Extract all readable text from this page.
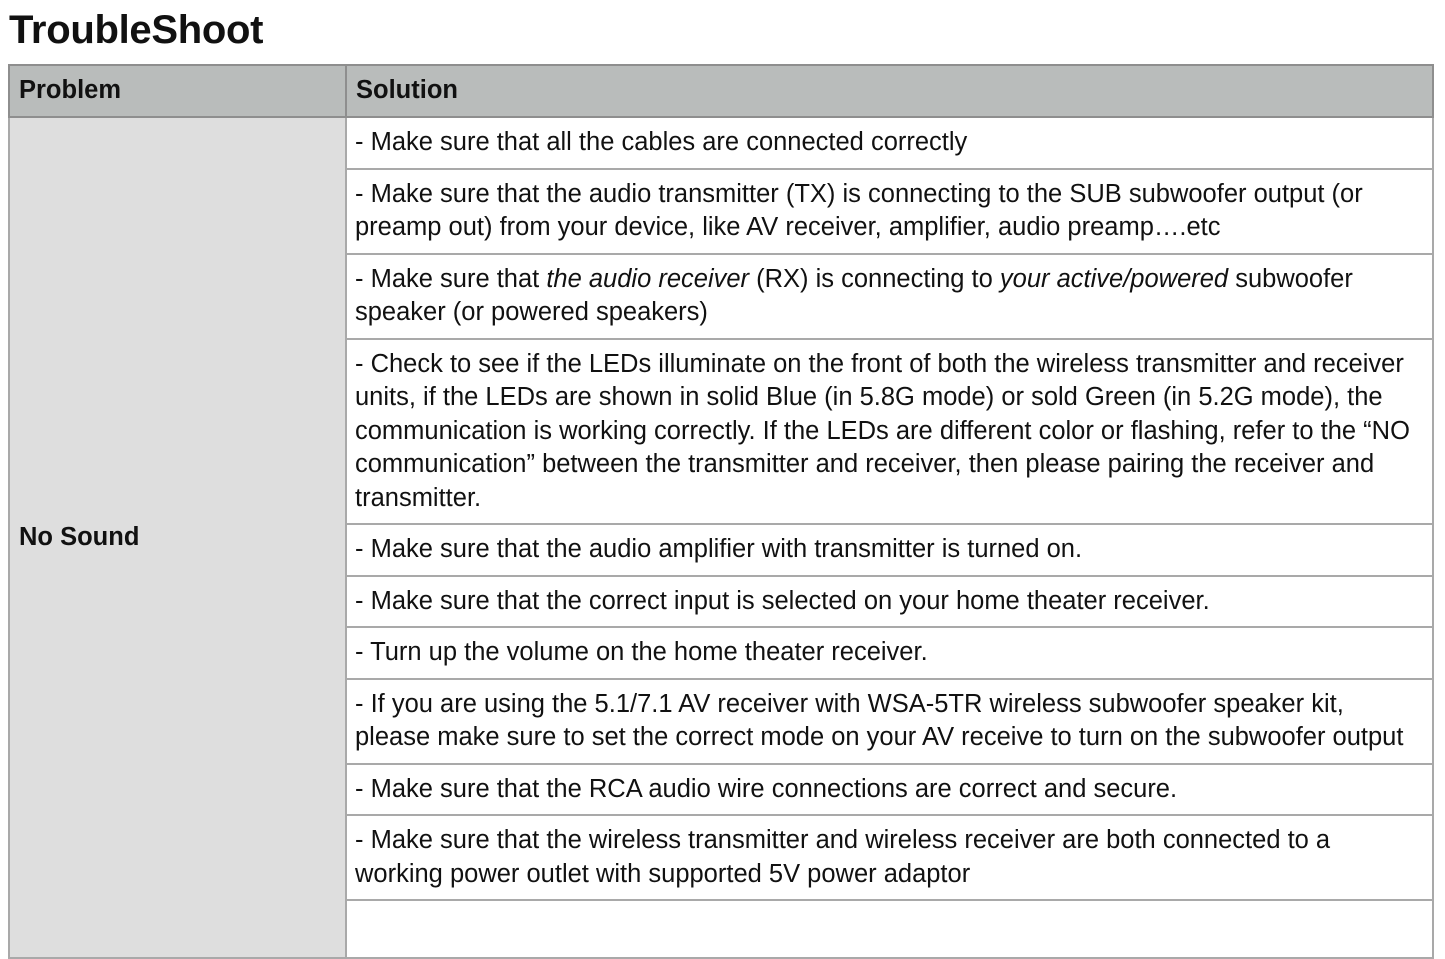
TroubleShoot
Problem	Solution
No Sound	- Make sure that all the cables are connected correctly
	- Make sure that the audio transmitter (TX) is connecting to the SUB subwoofer output (or preamp out) from your device, like AV receiver, amplifier, audio preamp….etc
	- Make sure that the audio receiver (RX) is connecting to your active/powered subwoofer speaker (or powered speakers)
	- Check to see if the LEDs illuminate on the front of both the wireless transmitter and receiver units, if the LEDs are shown in solid Blue (in 5.8G mode) or sold Green (in 5.2G mode), the communication is working correctly. If the LEDs are different color or flashing, refer to the “NO communication” between the transmitter and receiver, then please pairing the receiver and transmitter.
	- Make sure that the audio amplifier with transmitter is turned on.
	- Make sure that the correct input is selected on your home theater receiver.
	- Turn up the volume on the home theater receiver.
	- If you are using the 5.1/7.1 AV receiver with WSA-5TR wireless subwoofer speaker kit, please make sure to set the correct mode on your AV receive to turn on the subwoofer output
	- Make sure that the RCA audio wire connections are correct and secure.
	- Make sure that the wireless transmitter and wireless receiver are both connected to a working power outlet with supported 5V power adaptor
